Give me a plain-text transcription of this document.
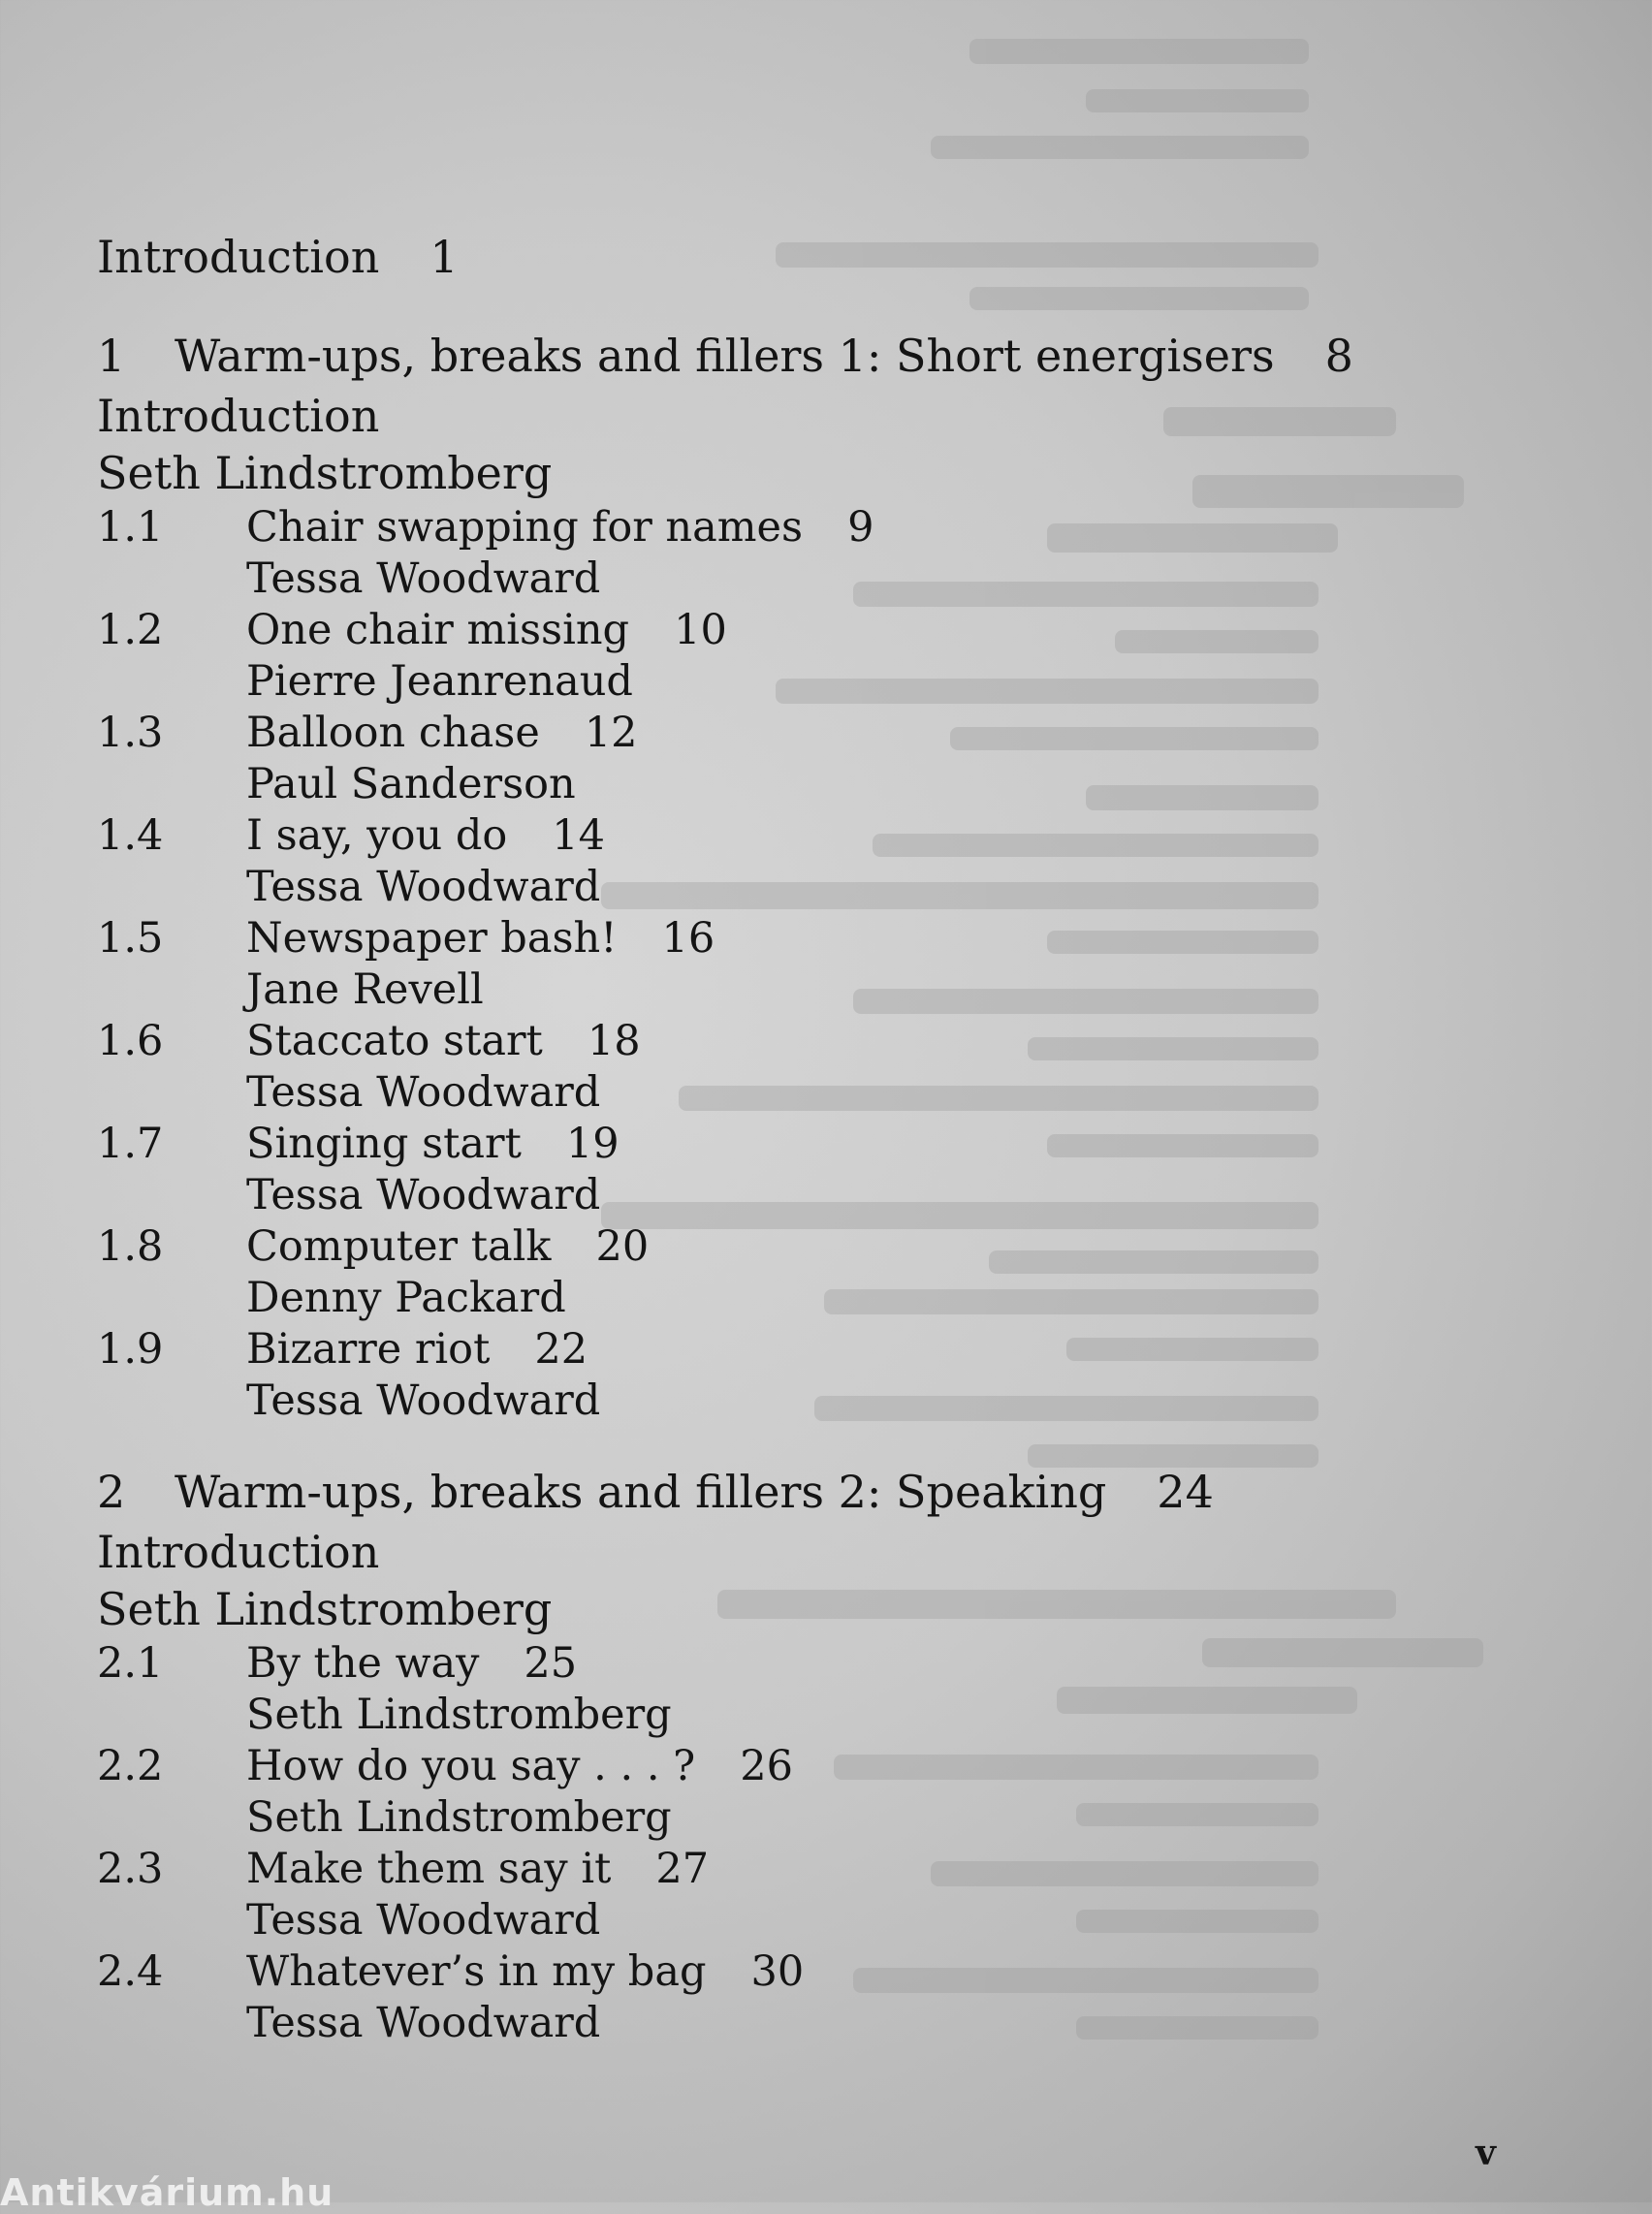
Introduction 1
1 Warm-ups, breaks and fillers 1: Short energisers 8
Introduction
Seth Lindstromberg
1.1	Chair swapping for names 9
Tessa Woodward
1.2	One chair missing 10
Pierre Jeanrenaud
1.3	Balloon chase 12
Paul Sanderson
1.4	I say, you do 14
Tessa Woodward
1.5	Newspaper bash! 16
Jane Revell
1.6	Staccato start 18
Tessa Woodward
1.7	Singing start 19
Tessa Woodward
1.8	Computer talk 20
Denny Packard
1.9	Bizarre riot 22
Tessa Woodward
2 Warm-ups, breaks and fillers 2: Speaking 24
Introduction
Seth Lindstromberg
2.1	By the way 25
Seth Lindstromberg
2.2	How do you say . . . ? 26
Seth Lindstromberg
2.3	Make them say it 27
Tessa Woodward
2.4	Whatever’s in my bag 30
Tessa Woodward
v
Antikvárium.hu
